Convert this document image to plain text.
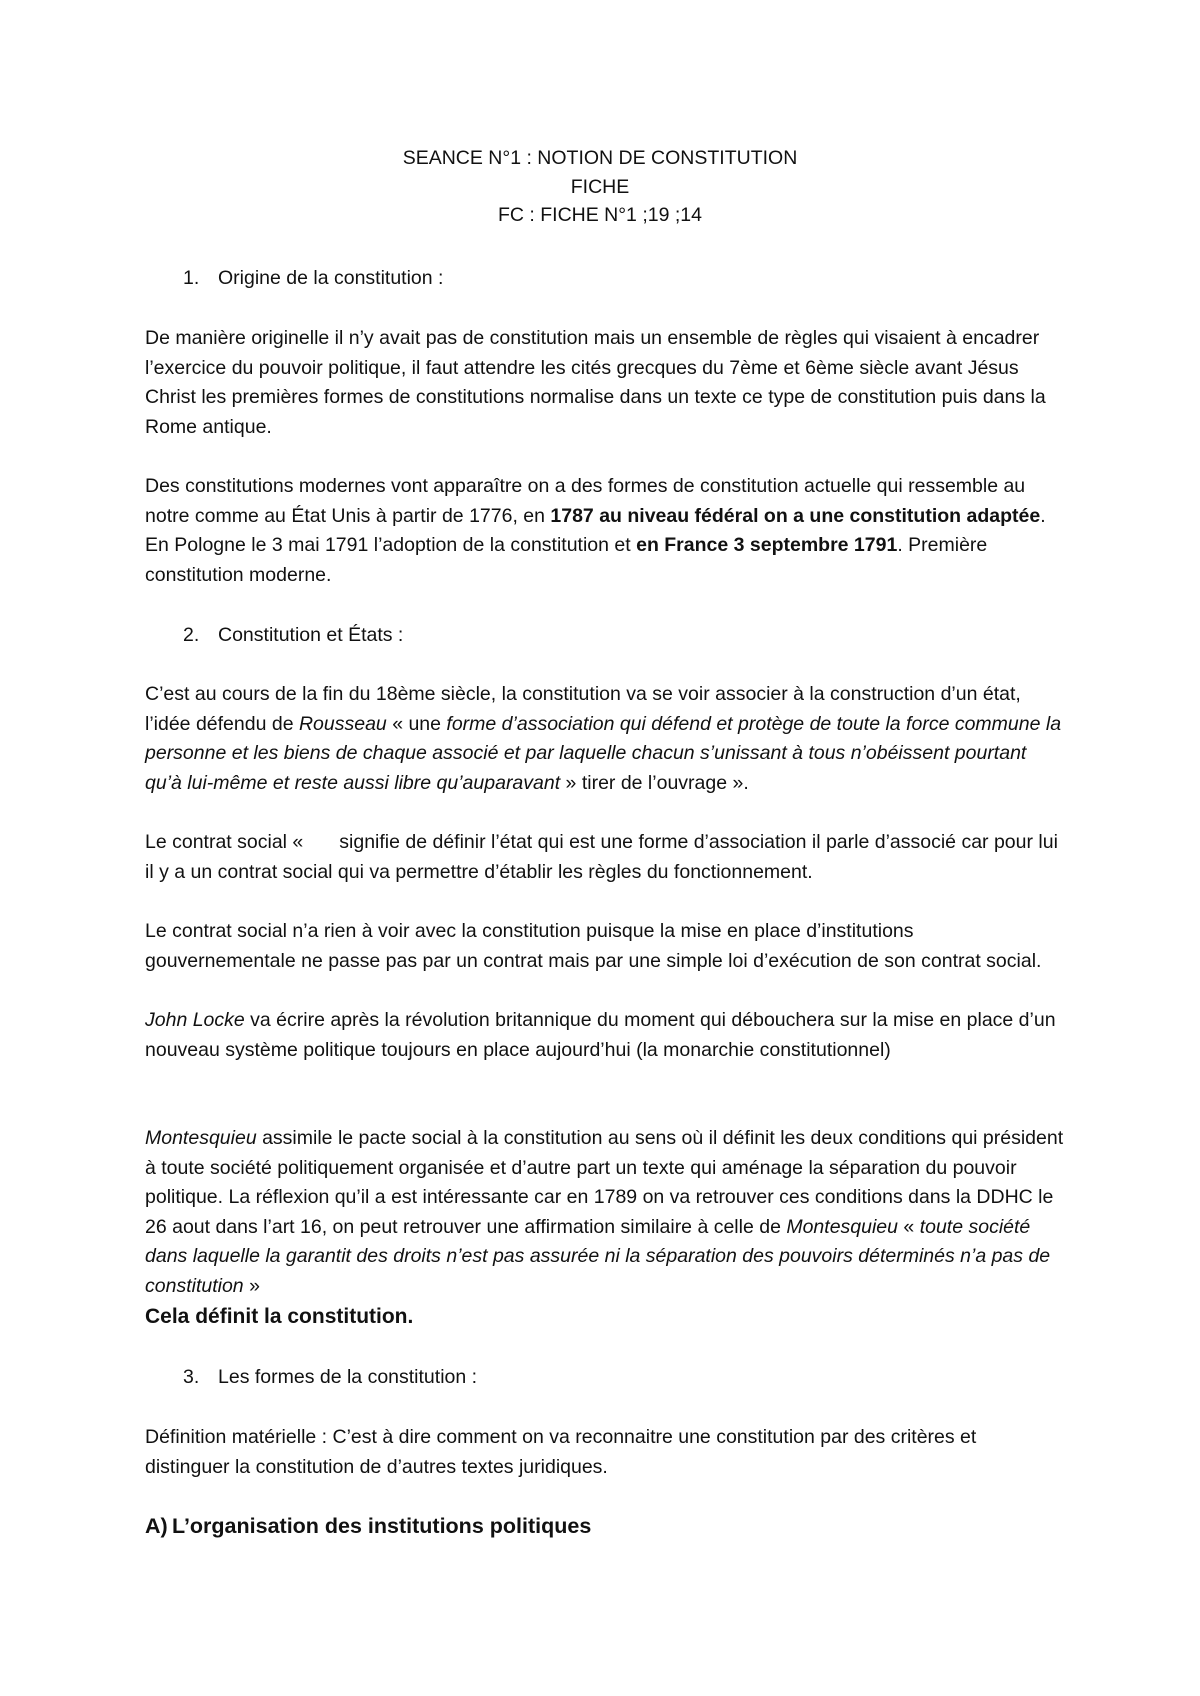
SEANCE N°1 : NOTION DE CONSTITUTION
FICHE
FC : FICHE N°1 ;19 ;14
1. Origine de la constitution :

De manière originelle il n’y avait pas de constitution mais un ensemble de règles qui visaient à encadrer l’exercice du pouvoir politique, il faut attendre les cités grecques du 7ème et 6ème siècle avant Jésus Christ les premières formes de constitutions normalise dans un texte ce type de constitution puis dans la Rome antique.

Des constitutions modernes vont apparaître on a des formes de constitution actuelle qui ressemble au notre comme au État Unis à partir de 1776, en 1787 au niveau fédéral on a une constitution adaptée. En Pologne le 3 mai 1791 l’adoption de la constitution et en France 3 septembre 1791. Première constitution moderne.

2. Constitution et États :

C’est au cours de la fin du 18ème siècle, la constitution va se voir associer à la construction d’un état, l’idée défendu de Rousseau « une forme d’association qui défend et protège de toute la force commune la personne et les biens de chaque associé et par laquelle chacun s’unissant à tous n’obéissent pourtant qu’à lui-même et reste aussi libre qu’auparavant » tirer de l’ouvrage ».

Le contrat social « signifie de définir l’état qui est une forme d’association il parle d’associé car pour lui il y a un contrat social qui va permettre d’établir les règles du fonctionnement.

Le contrat social n’a rien à voir avec la constitution puisque la mise en place d’institutions gouvernementale ne passe pas par un contrat mais par une simple loi d’exécution de son contrat social.

John Locke va écrire après la révolution britannique du moment qui débouchera sur la mise en place d’un nouveau système politique toujours en place aujourd’hui (la monarchie constitutionnel)

Montesquieu assimile le pacte social à la constitution au sens où il définit les deux conditions qui président à toute société politiquement organisée et d’autre part un texte qui aménage la séparation du pouvoir politique. La réflexion qu’il a est intéressante car en 1789 on va retrouver ces conditions dans la DDHC le 26 aout dans l’art 16, on peut retrouver une affirmation similaire à celle de Montesquieu « toute société dans laquelle la garantit des droits n’est pas assurée ni la séparation des pouvoirs déterminés n’a pas de constitution »
Cela définit la constitution.

3. Les formes de la constitution :

Définition matérielle : C’est à dire comment on va reconnaitre une constitution par des critères et distinguer la constitution de d’autres textes juridiques.

A) L’organisation des institutions politiques
